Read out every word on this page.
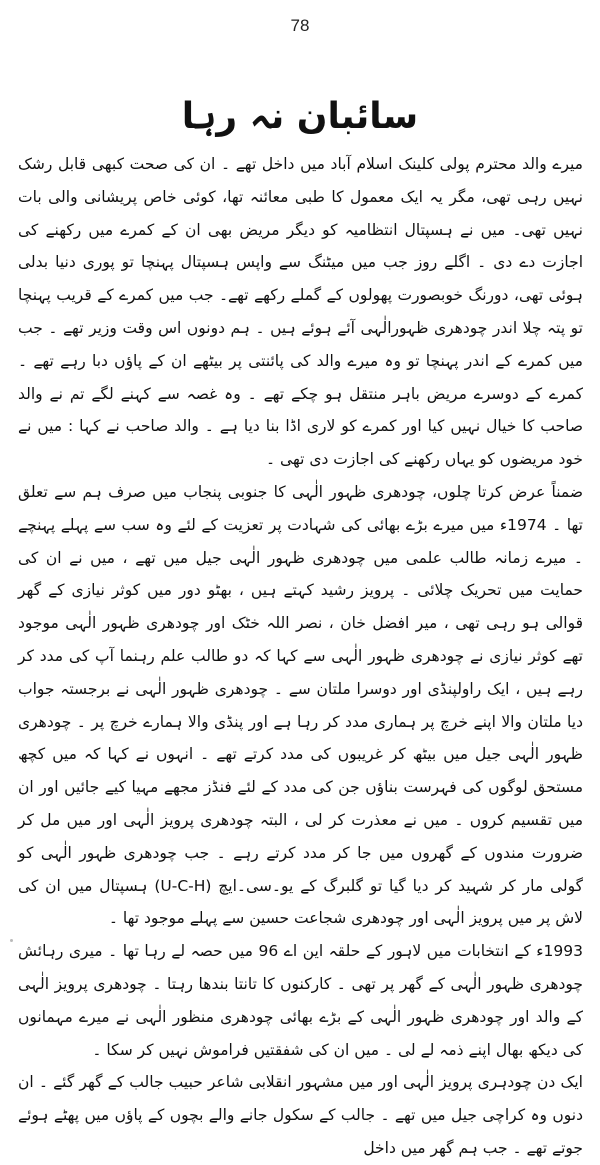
78
سائبان نہ رہا

میرے والد محترم پولی کلینک اسلام آباد میں داخل تھے ۔ ان کی صحت کبھی قابل رشک نہیں رہی تھی، مگر یہ ایک معمول کا طبی معائنہ تھا، کوئی خاص پریشانی والی بات نہیں تھی۔ میں نے ہسپتال انتظامیہ کو دیگر مریض بھی ان کے کمرے میں رکھنے کی اجازت دے دی ۔ اگلے روز جب میں میٹنگ سے واپس ہسپتال پہنچا تو پوری دنیا بدلی ہوئی تھی، دورنگ خوبصورت پھولوں کے گملے رکھے تھے۔ جب میں کمرے کے قریب پہنچا تو پتہ چلا اندر چودھری ظہورالٰہی آئے ہوئے ہیں ۔ ہم دونوں اس وقت وزیر تھے ۔ جب میں کمرے کے اندر پہنچا تو وہ میرے والد کی پائنتی پر بیٹھے ان کے پاؤں دبا رہے تھے ۔ کمرے کے دوسرے مریض باہر منتقل ہو چکے تھے ۔ وہ غصہ سے کہنے لگے تم نے والد صاحب کا خیال نہیں کیا اور کمرے کو لاری اڈا بنا دیا ہے ۔ والد صاحب نے کہا : میں نے خود مریضوں کو یہاں رکھنے کی اجازت دی تھی ۔

ضمناً عرض کرتا چلوں، چودھری ظہور الٰہی کا جنوبی پنجاب میں صرف ہم سے تعلق تھا ۔ 1974ء میں میرے بڑے بھائی کی شہادت پر تعزیت کے لئے وہ سب سے پہلے پہنچے ۔ میرے زمانہ طالب علمی میں چودھری ظہور الٰہی جیل میں تھے ، میں نے ان کی حمایت میں تحریک چلائی ۔ پرویز رشید کہتے ہیں ، بھٹو دور میں کوثر نیازی کے گھر قوالی ہو رہی تھی ، میر افضل خان ، نصر اللہ خٹک اور چودھری ظہور الٰہی موجود تھے کوثر نیازی نے چودھری ظہور الٰہی سے کہا کہ دو طالب علم رہنما آپ کی مدد کر رہے ہیں ، ایک راولپنڈی اور دوسرا ملتان سے ۔ چودھری ظہور الٰہی نے برجستہ جواب دیا ملتان والا اپنے خرچ پر ہماری مدد کر رہا ہے اور پنڈی والا ہمارے خرچ پر ۔ چودھری ظہور الٰہی جیل میں بیٹھ کر غریبوں کی مدد کرتے تھے ۔ انہوں نے کہا کہ میں کچھ مستحق لوگوں کی فہرست بناؤں جن کی مدد کے لئے فنڈز مجھے مہیا کیے جائیں اور ان میں تقسیم کروں ۔ میں نے معذرت کر لی ، البتہ چودھری پرویز الٰہی اور میں مل کر ضرورت مندوں کے گھروں میں جا کر مدد کرتے رہے ۔ جب چودھری ظہور الٰہی کو گولی مار کر شہید کر دیا گیا تو گلبرگ کے یو۔سی۔ایچ (U-C-H) ہسپتال میں ان کی لاش پر میں پرویز الٰہی اور چودھری شجاعت حسین سے پہلے موجود تھا ۔

1993ء کے انتخابات میں لاہور کے حلقہ این اے 96 میں حصہ لے رہا تھا ۔ میری رہائش چودھری ظہور الٰہی کے گھر پر تھی ۔ کارکنوں کا تانتا بندھا رہتا ۔ چودھری پرویز الٰہی کے والد اور چودھری ظہور الٰہی کے بڑے بھائی چودھری منظور الٰہی نے میرے مہمانوں کی دیکھ بھال اپنے ذمہ لے لی ۔ میں ان کی شفقتیں فراموش نہیں کر سکا ۔

ایک دن چودہری پرویز الٰہی اور میں مشہور انقلابی شاعر حبیب جالب کے گھر گئے ۔ ان دنوں وہ کراچی جیل میں تھے ۔ جالب کے سکول جانے والے بچوں کے پاؤں میں پھٹے ہوئے جوتے تھے ۔ جب ہم گھر میں داخل
